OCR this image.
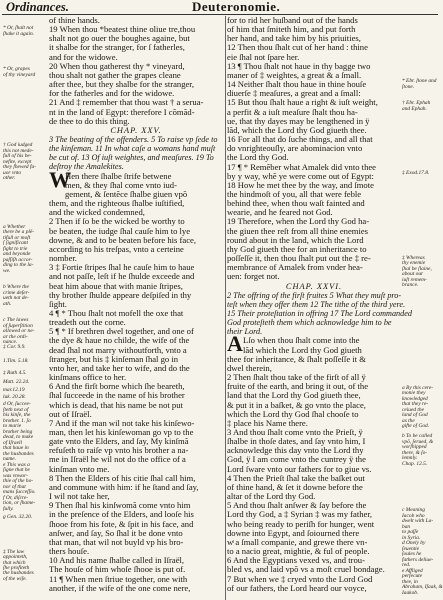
Ordinances.	Deuteronomie.
* Or, ſhalt not
ſhake it again.
* Or, grapes
of thy vineyard
† God iudged
this not mede-
full of his be-
nefite, except
they ſhewed fa-
uor vnto
other.
a Whether
there be a plē-
tifull or moſt
ſ ſignificant
fight to trie
and beyonde
paſſiſh accor-
ding to the la-
we.
b Where the
crime deſer-
ueth not de-
ath.
c The lawes
of ſuperſtition
allowed or ne-
ar the ordi-
nance.
‡ Cor. 9.9.
1.Tim. 5.18.
‡ Ruth 4.5.
Matt. 22.24.
mar.12.19
luk. 20.28.
d Or, ſuccee-
ſteth next of
his kinſe, the
brother. 1. ſo
to marie
brother being
dead, to make
of Iſraell
that haue in
the husbandes
name.
e This was a
ſigne that he
was vnwor-
thie of the ho-
nor of that
mans ſucceſſio.
f Or, diſcre-
tion, or ſhame-
fully.
g Gen. 32.20.
‡ The law
appointeth,
that which
ſhe profiteth
the husbandes
of the wiſe.
of thine hands.
19 When thou *beatest thine oliue tre,thou
shalt not go ouer the boughes againe, but
it shalbe for the stranger, for ſ fatherles,
and for the widowe.
20 When thou gatherest thy * vineyard,
thou shalt not gather the grapes cleane
after thee, but they shalbe for the stranger,
for the fatherles and for the widowe.
21 And ‡ remember that thou wast † a serua-
nt in the land of Egypt: therefore I cõmãd-
de thee to do this thing.
CHAP. XXV.
3 The beating of the offenders. 5 To raise vp ſede to
the kinſeman. 11 In what caſe a womans hand muſt
be cut of. 13 Of iuſt weightes, and meaſures. 19 To
deſtroy the Amalekites.
W
Hen there ſhalbe ſtrife betwene
men, & they ſhal come vnto iud-
gement, & ſentẽce ſhalbe giuen vpõ
them, and the righteous ſhalbe iuſtified,
and the wicked condemned,
2 Then if ſo be the wicked be worthy to
be beaten, the iudge ſhal cauſe him to lye
downe, & and to be beaten before his face,
according to his treſpas, vnto a certeine
nomber.
3 ‡ Fortie ſtripes ſhal he cauſe him to haue
and not paſſe, leſt if he ſhulde exceede and
beat him aboue that with manie ſtripes,
thy brother ſhulde appeare deſpiſed in thy
ſight.
4 ¶ * Thou ſhalt not mofell the oxe that
treadeth out the corne.
5 ¶ * If brethren dwel together, and one of
the dye & haue no childe, the wife of the
dead ſhal not marry withoutforth, vnto a
ſtranger, but his ‡ kinſeman ſhal go in
vnto her, and take her to wife, and do the
kinſmans office to her.
6 And the firſt borne which ſhe beareth,
ſhal ſucceede in the name of his brother
which is dead, that his name be not put
out of Iſraël.
7 And if the man wil not take his kinſewo-
man, then let his kinſewoman go vp to the
gate vnto the Elders, and ſay, My kinſmã
refuſeth to raiſe vp vnto his brother a na-
me in Iſraël he wil not do the office of a
kinſman vnto me.
8 Then the Elders of his citie ſhal call him,
and commune with him: if he ſtand and ſay,
I wil not take her,
9 Then ſhal his kinſwomã come vnto him
in the preſence of the Elders, and looſe his
ſhooe from his fote, & ſpit in his face, and
anſwer, and ſay, So ſhal it be done vnto
that man, that wil not buyld vp his bro-
thers houſe.
10 And his name ſhalbe called in Iſraël,
The houſe of him whoſe ſhooe is put of.
11 ¶ When men ſtriue together, one with
another, if the wife of the one come nere,
for to rid her huſband out of the hands
of him that ſmiteth him, and put forth
her hand, and take him by his priuities,
12 Then thou ſhalt cut of her hand : thine
eie ſhal not ſpare her.
13 ¶ Thou ſhalt not haue in thy bagge two
maner of ‡ weightes, a great & a ſmall.
14 Neither ſhalt thou haue in thine houſe
diuerſe ‡ meaſures, a great and a ſmall:
15 But thou ſhalt haue a right & iuſt weight,
a perfit & a iuſt meaſure ſhalt thou ha-
ue, that thy dayes may be lengthened in ÿ
lãd, which the Lord thy God giueth thee.
16 For all that do ſuche things, and all that
do vnrighteouſly, are abominacion vnto
the Lord thy God.
17 ¶ * Remẽber what Amalek did vnto thee
by y way, whẽ ye were come out of Egypt:
18 How he met thee by the way, and ſmote
the hindmoſt of you, all that were feble
behind thee, when thou waſt fainted and
wearie, and he feared not God.
19 Therefore, when the Lord thy God ha-
the giuen thee reſt from all thine enemies
round about in the land, which the Lord
thy God giueth thee for an inheritance to
poſſeſſe it, then thou ſhalt put out the ‡ re-
membrance of Amalek from vnder hea-
uen: forget not.
CHAP. XXVI.
2 The offring of the firſt fruites 5 What they muſt pro-
teſt when they offer them 12 The tithe of the third yere.
15 Their proteſtation in offring 17 The Lord commanded
God proteſteth them which acknowledge him to be
their Lord.
A Lſo when thou ſhalt come into the
lãd which the Lord thy God giueth
thee for inheritance, & ſhalt poſſeſſe it &
dwel therein,
2 Then ſhalt thou take of the firſt of all ÿ
fruite of the earth, and bring it out, of the
land that the Lord thy God giueth thee,
& put it in a baſket, & go vnto the place,
which the Lord thy God ſhal chooſe to
‡ place his Name there.
3 And thou ſhalt come vnto the Prieſt, ÿ
ſhalbe in thoſe dates, and ſay vnto him, I
acknowledge this day vnto the Lord thy
God, ÿ I am come vnto the cuntrey ÿ the
Lord ſware vnto our fathers for to giue vs.
4 Then the Prieſt ſhal take the baſket out
of thine hand, & ſet it downe before the
altar of the Lord thy God.
5 And thou ſhalt anſwer & ſay before the
Lord thy God, a ‡ Syrian ‡ was my father,
who being ready to periſh for hunger, went
downe into Egypt, and ſoiourned there
wͭ a ſmall companie, and grewe there vn-
to a nacio great, mightie, & ful of people.
6 And the Egyptians vexed vs, and trou-
bled vs, and laid vpõ vs a moſt cruel bondage.
7 But when we ‡ cryed vnto the Lord God
of our fathers, the Lord heard our voyce,
* Ebr. ſtone and
ſtone.
† Ebr. Ephah
and Ephah.
‡ Exod.17.8.
‡ Whereas
thy enemie
ſhal be ſlaine,
about our
iuſt remem-
brance.
a By this cere-
monie they
knowledged
that they re-
ceiued the
land of God
as the
gifte of God.
b To be called
vpõ, ſerued, &
worſhipped
there, & ſo-
lemnly.
Chap. 12.5.
c Meaning
Iacob who
dwelt with La-
ban
to paſſe
in Syria.
d Onely by
ſeuentie
ſoules he
fathers deliue-
red.
e Affliged
perſecute
thee, in
Abraham, Iſaak, &
Iaakob.
